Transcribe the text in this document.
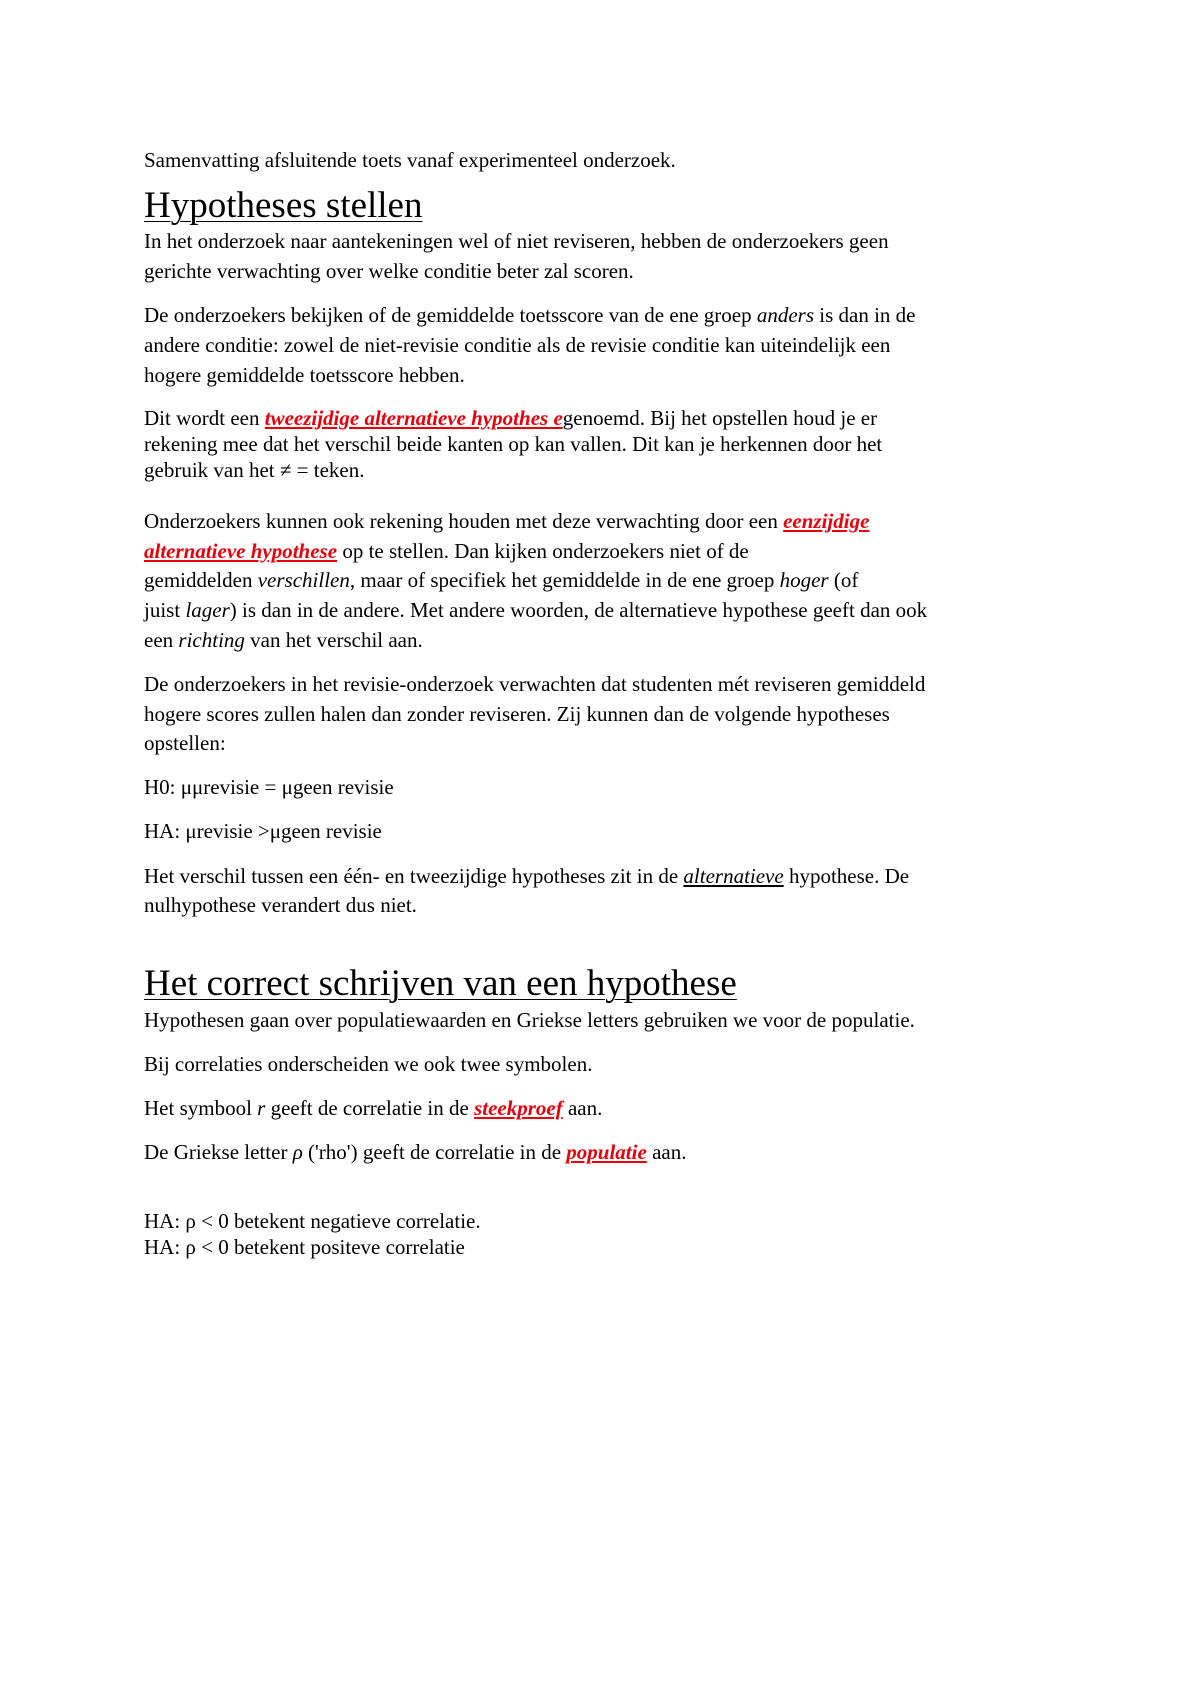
Samenvatting afsluitende toets vanaf experimenteel onderzoek.
Hypotheses stellen
In het onderzoek naar aantekeningen wel of niet reviseren, hebben de onderzoekers geen
gerichte verwachting over welke conditie beter zal scoren.
De onderzoekers bekijken of de gemiddelde toetsscore van de ene groep anders is dan in de
andere conditie: zowel de niet-revisie conditie als de revisie conditie kan uiteindelijk een
hogere gemiddelde toetsscore hebben.
Dit wordt een tweezijdige alternatieve hypothes egenoemd. Bij het opstellen houd je er
rekening mee dat het verschil beide kanten op kan vallen. Dit kan je herkennen door het
gebruik van het ≠ = teken.
Onderzoekers kunnen ook rekening houden met deze verwachting door een eenzijdige
alternatieve hypothese op te stellen. Dan kijken onderzoekers niet of de
gemiddelden verschillen, maar of specifiek het gemiddelde in de ene groep hoger (of
juist lager) is dan in de andere. Met andere woorden, de alternatieve hypothese geeft dan ook
een richting van het verschil aan.
De onderzoekers in het revisie-onderzoek verwachten dat studenten mét reviseren gemiddeld
hogere scores zullen halen dan zonder reviseren. Zij kunnen dan de volgende hypotheses
opstellen:
H0: μμrevisie = μgeen revisie
HA: μrevisie >μgeen revisie
Het verschil tussen een één- en tweezijdige hypotheses zit in de alternatieve hypothese. De
nulhypothese verandert dus niet.
Het correct schrijven van een hypothese
Hypothesen gaan over populatiewaarden en Griekse letters gebruiken we voor de populatie.
Bij correlaties onderscheiden we ook twee symbolen.
Het symbool r geeft de correlatie in de steekproef aan.
De Griekse letter ρ ('rho') geeft de correlatie in de populatie aan.
HA: ρ < 0 betekent negatieve correlatie.
HA: ρ < 0 betekent positeve correlatie
